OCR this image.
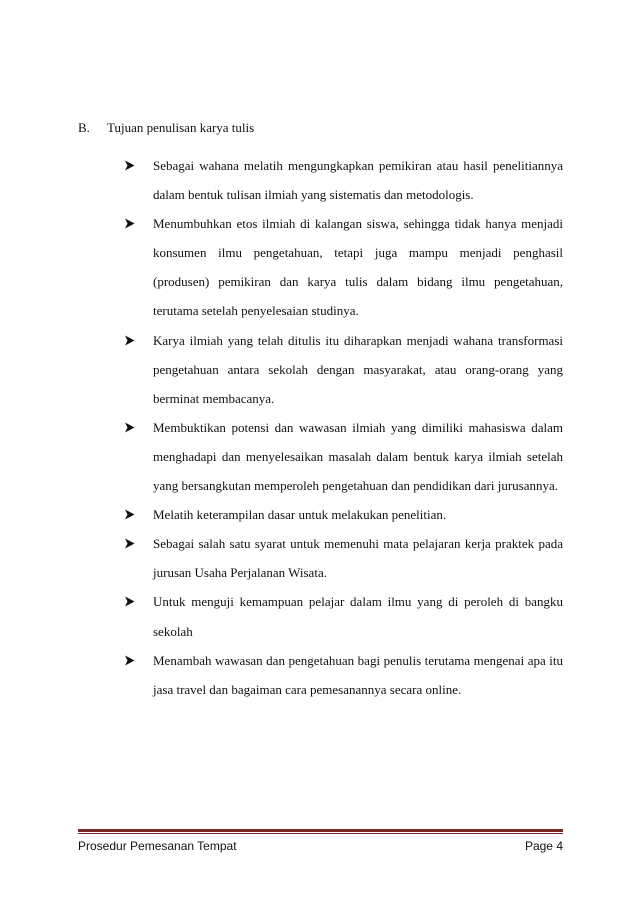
B. Tujuan penulisan karya tulis
Sebagai wahana melatih mengungkapkan pemikiran atau hasil penelitiannya dalam bentuk tulisan ilmiah yang sistematis dan metodologis.
Menumbuhkan etos ilmiah di kalangan siswa, sehingga tidak hanya menjadi konsumen ilmu pengetahuan, tetapi juga mampu menjadi penghasil (produsen) pemikiran dan karya tulis dalam bidang ilmu pengetahuan, terutama setelah penyelesaian studinya.
Karya ilmiah yang telah ditulis itu diharapkan menjadi wahana transformasi pengetahuan antara sekolah dengan masyarakat, atau orang-orang yang berminat membacanya.
Membuktikan potensi dan wawasan ilmiah yang dimiliki mahasiswa dalam menghadapi dan menyelesaikan masalah dalam bentuk karya ilmiah setelah yang bersangkutan memperoleh pengetahuan dan pendidikan dari jurusannya.
Melatih keterampilan dasar untuk melakukan penelitian.
Sebagai salah satu syarat untuk memenuhi mata pelajaran kerja praktek pada jurusan Usaha Perjalanan Wisata.
Untuk menguji kemampuan pelajar dalam ilmu yang di peroleh di bangku sekolah
Menambah wawasan dan pengetahuan bagi penulis terutama mengenai apa itu jasa travel dan bagaiman cara pemesanannya secara online.
Prosedur Pemesanan Tempat	Page 4
